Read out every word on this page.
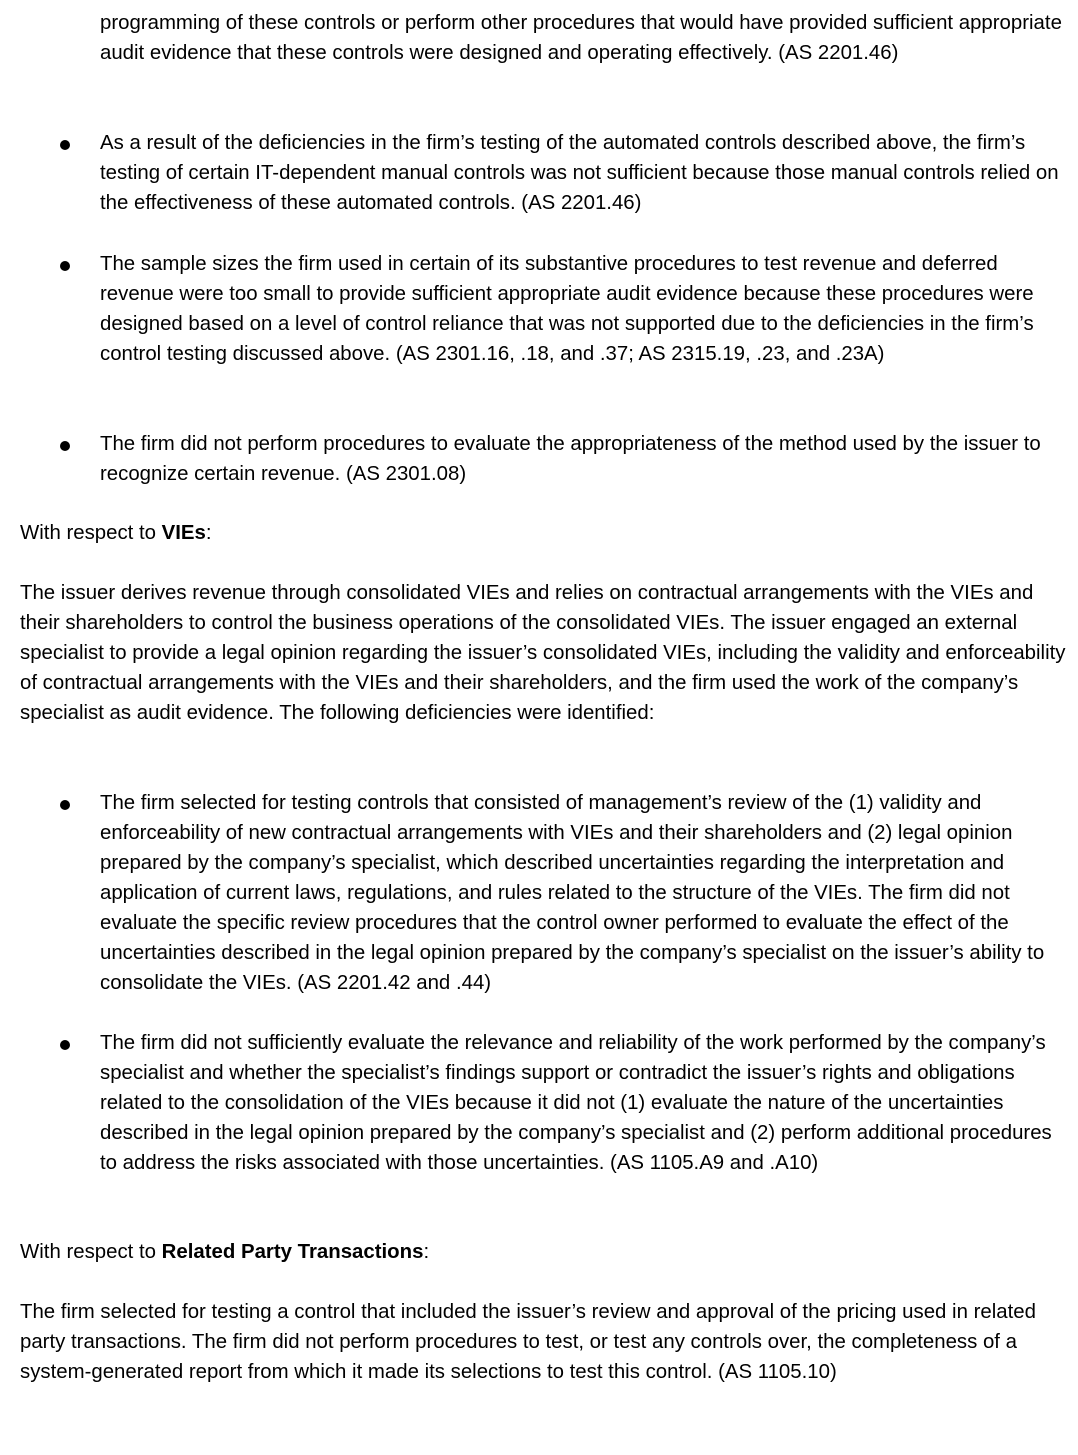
programming of these controls or perform other procedures that would have provided sufficient appropriate audit evidence that these controls were designed and operating effectively. (AS 2201.46)

As a result of the deficiencies in the firm’s testing of the automated controls described above, the firm’s testing of certain IT-dependent manual controls was not sufficient because those manual controls relied on the effectiveness of these automated controls. (AS 2201.46)

The sample sizes the firm used in certain of its substantive procedures to test revenue and deferred revenue were too small to provide sufficient appropriate audit evidence because these procedures were designed based on a level of control reliance that was not supported due to the deficiencies in the firm’s control testing discussed above. (AS 2301.16, .18, and .37; AS 2315.19, .23, and .23A)

The firm did not perform procedures to evaluate the appropriateness of the method used by the issuer to recognize certain revenue. (AS 2301.08)

With respect to VIEs:

The issuer derives revenue through consolidated VIEs and relies on contractual arrangements with the VIEs and their shareholders to control the business operations of the consolidated VIEs. The issuer engaged an external specialist to provide a legal opinion regarding the issuer’s consolidated VIEs, including the validity and enforceability of contractual arrangements with the VIEs and their shareholders, and the firm used the work of the company’s specialist as audit evidence. The following deficiencies were identified:

The firm selected for testing controls that consisted of management’s review of the (1) validity and enforceability of new contractual arrangements with VIEs and their shareholders and (2) legal opinion prepared by the company’s specialist, which described uncertainties regarding the interpretation and application of current laws, regulations, and rules related to the structure of the VIEs. The firm did not evaluate the specific review procedures that the control owner performed to evaluate the effect of the uncertainties described in the legal opinion prepared by the company’s specialist on the issuer’s ability to consolidate the VIEs. (AS 2201.42 and .44)

The firm did not sufficiently evaluate the relevance and reliability of the work performed by the company’s specialist and whether the specialist’s findings support or contradict the issuer’s rights and obligations related to the consolidation of the VIEs because it did not (1) evaluate the nature of the uncertainties described in the legal opinion prepared by the company’s specialist and (2) perform additional procedures to address the risks associated with those uncertainties. (AS 1105.A9 and .A10)

With respect to Related Party Transactions:

The firm selected for testing a control that included the issuer’s review and approval of the pricing used in related party transactions. The firm did not perform procedures to test, or test any controls over, the completeness of a system-generated report from which it made its selections to test this control. (AS 1105.10)
